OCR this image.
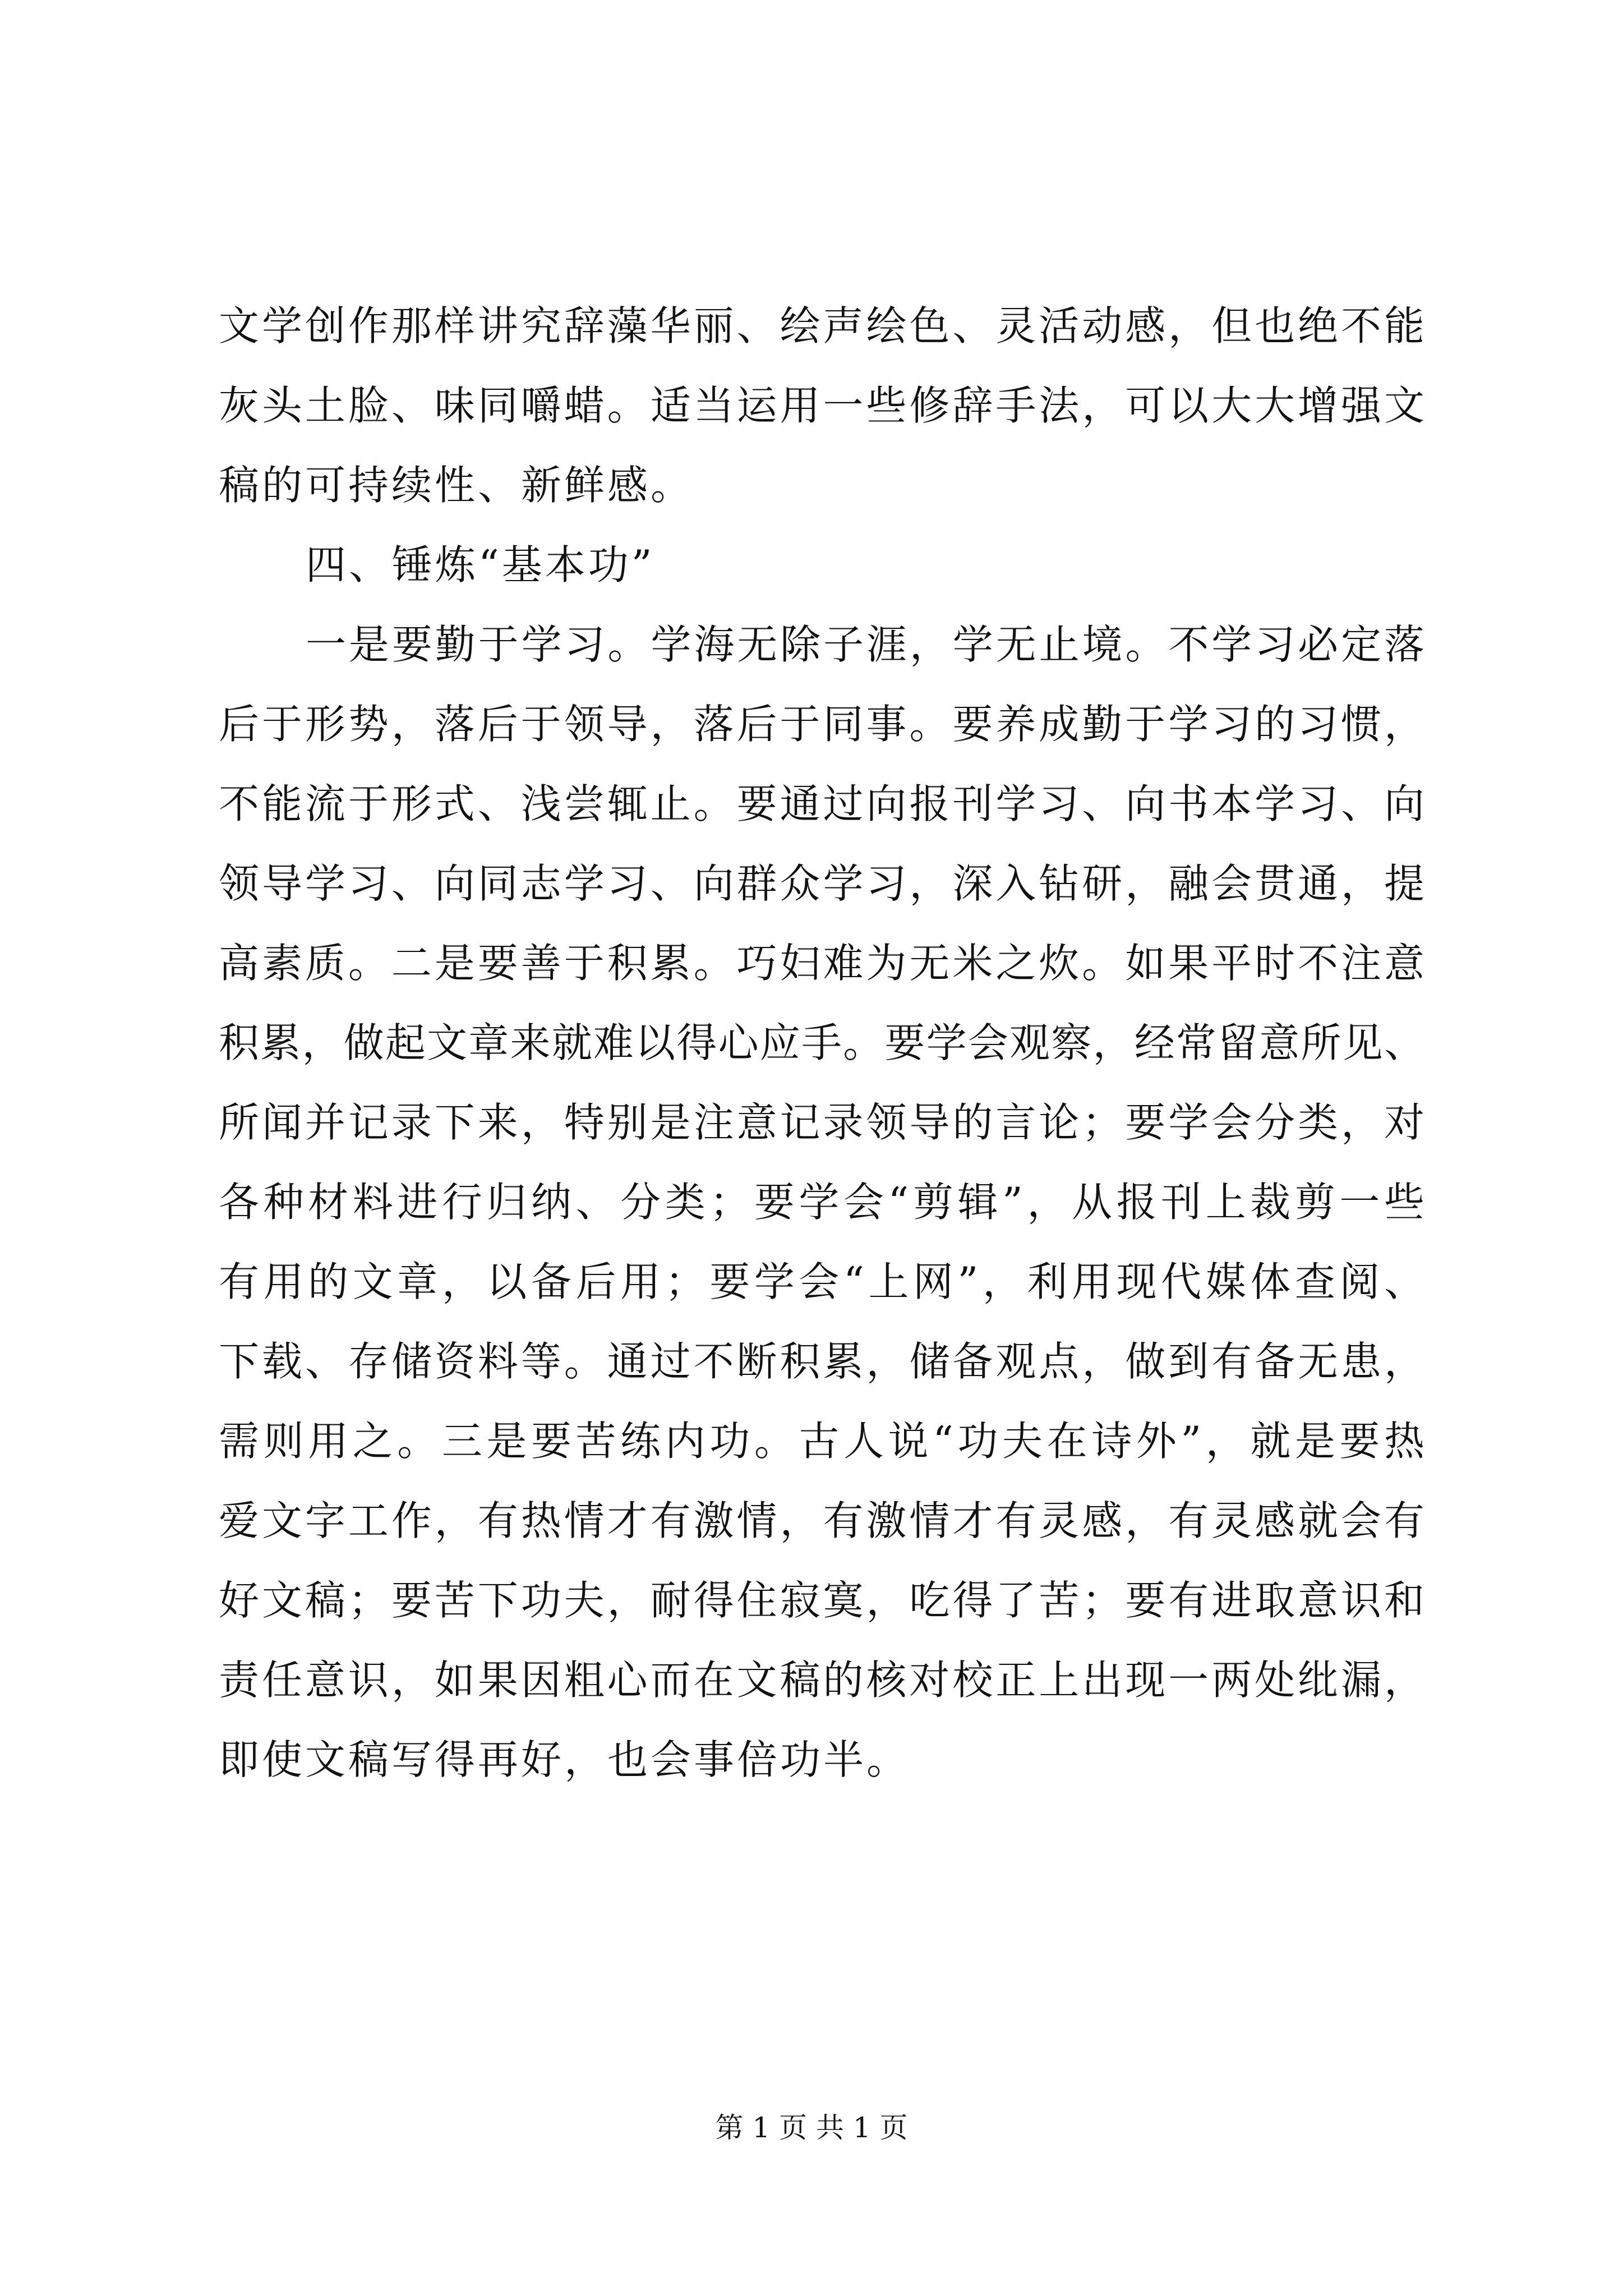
文学创作那样讲究辞藻华丽、绘声绘色、灵活动感，但也绝不能
灰头土脸、味同嚼蜡。适当运用一些修辞手法，可以大大增强文
稿的可持续性、新鲜感。
四、锤炼“基本功”
一是要勤于学习。学海无除子涯，学无止境。不学习必定落
后于形势，落后于领导，落后于同事。要养成勤于学习的习惯，
不能流于形式、浅尝辄止。要通过向报刊学习、向书本学习、向
领导学习、向同志学习、向群众学习，深入钻研，融会贯通，提
高素质。二是要善于积累。巧妇难为无米之炊。如果平时不注意
积累，做起文章来就难以得心应手。要学会观察，经常留意所见、
所闻并记录下来，特别是注意记录领导的言论；要学会分类，对
各种材料进行归纳、分类；要学会“剪辑”，从报刊上裁剪一些
有用的文章，以备后用；要学会“上网”，利用现代媒体查阅、
下载、存储资料等。通过不断积累，储备观点，做到有备无患，
需则用之。三是要苦练内功。古人说“功夫在诗外”，就是要热
爱文字工作，有热情才有激情，有激情才有灵感，有灵感就会有
好文稿；要苦下功夫，耐得住寂寞，吃得了苦；要有进取意识和
责任意识，如果因粗心而在文稿的核对校正上出现一两处纰漏，
即使文稿写得再好，也会事倍功半。
第 1 页 共 1 页
